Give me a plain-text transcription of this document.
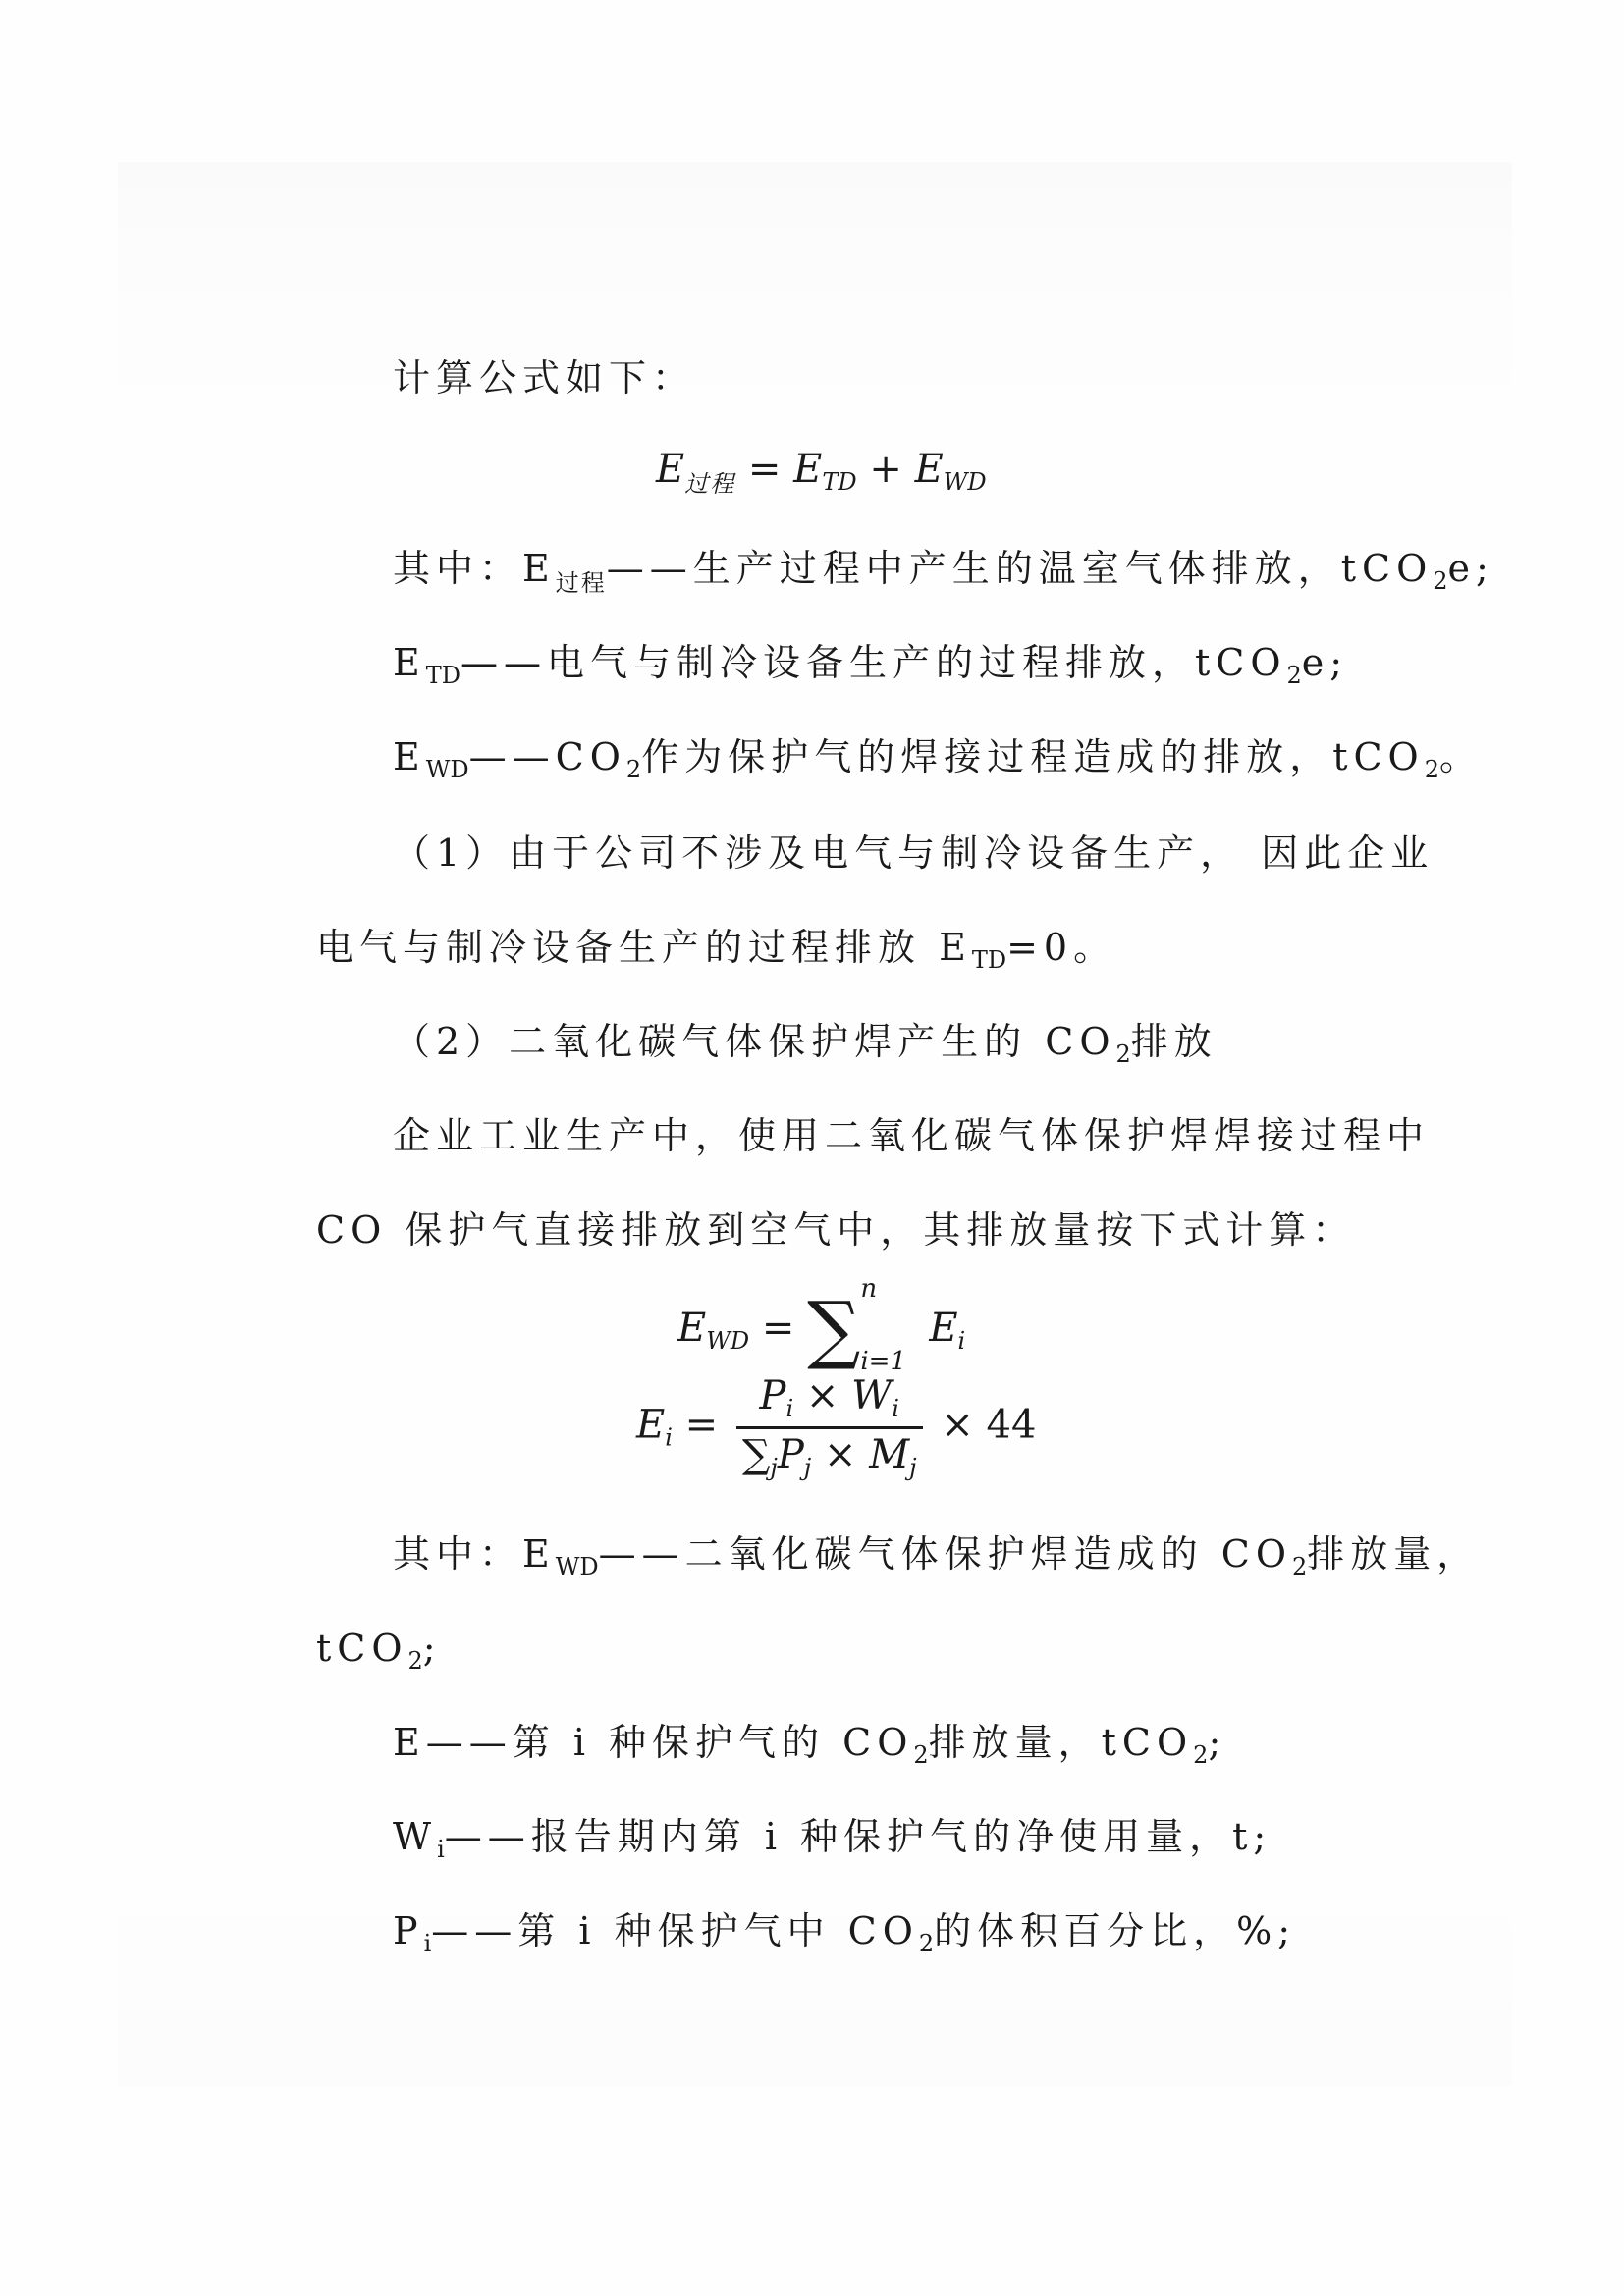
计算公式如下：
$E_{过程} = E_{TD} + E_{WD}$
其中：$E_{过程}——$生产过程中产生的温室气体排放，tCO$_2$e;
$E_{TD}——$电气与制冷设备生产的过程排放，tCO$_2$e;
$E_{WD}——CO_2$作为保护气的焊接过程造成的排放，tCO$_2$。
（1）由于公司不涉及电气与制冷设备生产， 因此企业
电气与制冷设备生产的过程排放 $E_{TD}=0$。
（2）二氧化碳气体保护焊产生的 $CO_2$排放
企业工业生产中，使用二氧化碳气体保护焊焊接过程中
CO 保护气直接排放到空气中，其排放量按下式计算：
$E_{WD}$ = ∑ n
i=1
$E_i$
$E_i = \frac{P_i \times W_i}{\sum_jP_j \times M_j} \times 44$
其中：$E_{WD}——$二氧化碳气体保护焊造成的 $CO_2$排放量，
tCO$_2$;
E——第 i 种保护气的 $CO_2$排放量，tCO$_2$;
$W_i——$报告期内第 i 种保护气的净使用量，t;
$P_i——$第 i 种保护气中 $CO_2$的体积百分比，%;
